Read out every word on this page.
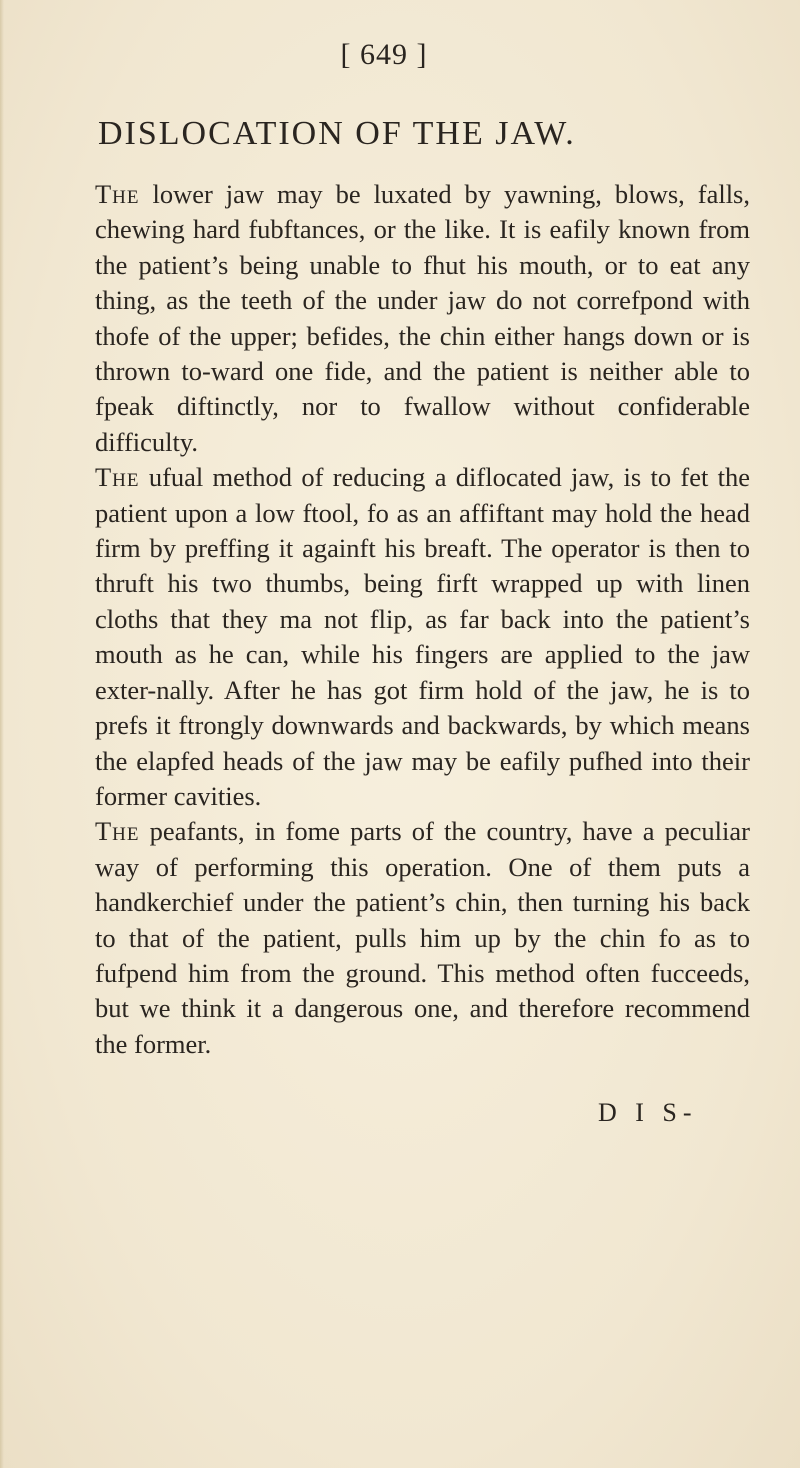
[ 649 ]
DISLOCATION OF THE JAW.

The lower jaw may be luxated by yawning, blows, falls, chewing hard fubftances, or the like. It is eafily known from the patient’s being unable to fhut his mouth, or to eat any thing, as the teeth of the under jaw do not correfpond with thofe of the upper; befides, the chin either hangs down or is thrown to-ward one fide, and the patient is neither able to fpeak diftinctly, nor to fwallow without confiderable difficulty.

The ufual method of reducing a diflocated jaw, is to fet the patient upon a low ftool, fo as an affiftant may hold the head firm by preffing it againft his breaft. The operator is then to thruft his two thumbs, being firft wrapped up with linen cloths that they ma not flip, as far back into the patient’s mouth as he can, while his fingers are applied to the jaw exter-nally. After he has got firm hold of the jaw, he is to prefs it ftrongly downwards and backwards, by which means the elapfed heads of the jaw may be eafily pufhed into their former cavities.

The peafants, in fome parts of the country, have a peculiar way of performing this operation. One of them puts a handkerchief under the patient’s chin, then turning his back to that of the patient, pulls him up by the chin fo as to fufpend him from the ground. This method often fucceeds, but we think it a dangerous one, and therefore recommend the former.

D I S-
